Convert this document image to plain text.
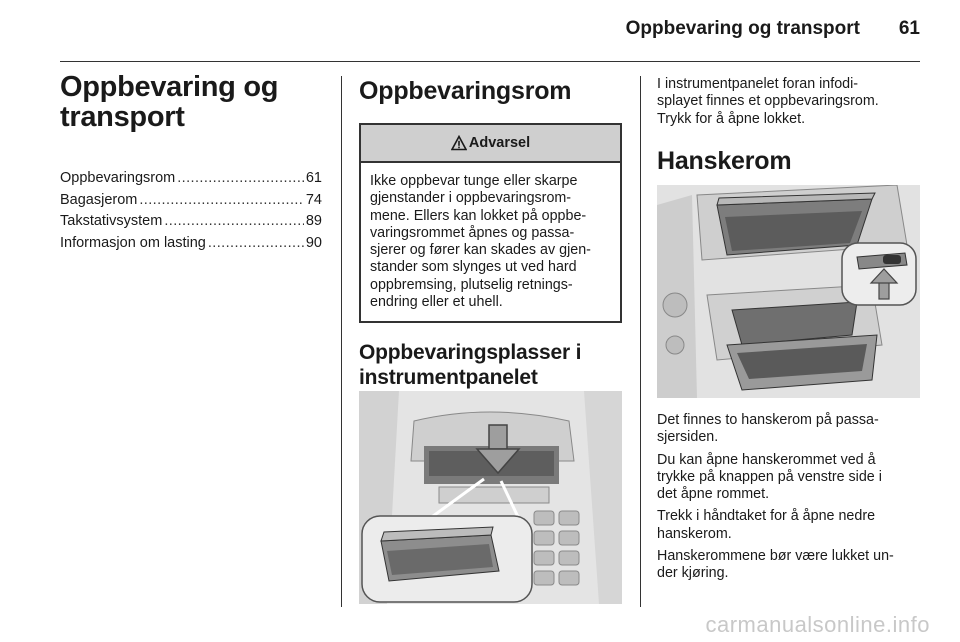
Oppbevaring og transport	61
Oppbevaring og
transport
Oppbevaringsrom .....	61
Bagasjerom .....	74
Takstativsystem .....	89
Informasjon om lasting .....	90
Oppbevaringsrom
Advarsel

Ikke oppbevar tunge eller skarpe

gjenstander i oppbevaringsrom-

mene. Ellers kan lokket på oppbe-

varingsrommet åpnes og passa-

sjerer og fører kan skades av gjen-

stander som slynges ut ved hard

oppbremsing, plutselig retnings-

endring eller et uhell.

Oppbevaringsplasser i
instrumentpanelet
I instrumentpanelet foran infodi-
splayet finnes et oppbevaringsrom.
Trykk for å åpne lokket.
Hanskerom
Det finnes to hanskerom på passa-
sjersiden.
Du kan åpne hanskerommet ved å
trykke på knappen på venstre side i
det åpne rommet.
Trekk i håndtaket for å åpne nedre
hanskerom.
Hanskerommene bør være lukket un-
der kjøring.
carmanualsonline.info
